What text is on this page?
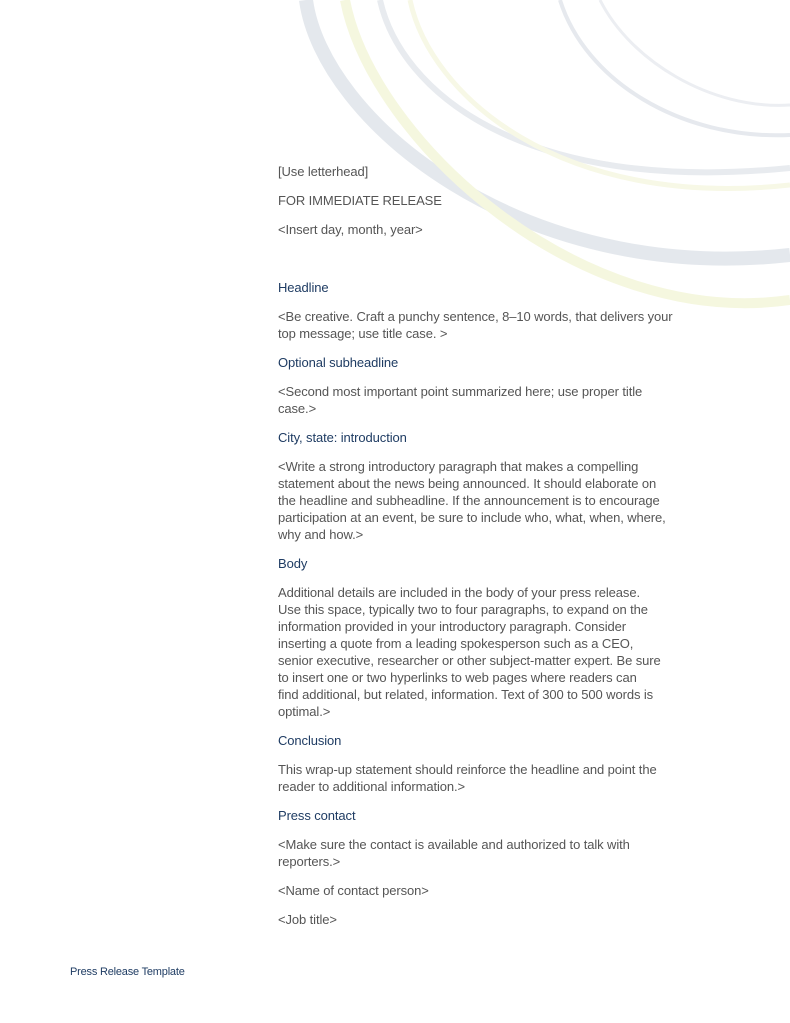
[Use letterhead]
FOR IMMEDIATE RELEASE
<Insert day, month, year>
Headline
<Be creative. Craft a punchy sentence, 8–10 words, that delivers your
top message; use title case. >
Optional subheadline
<Second most important point summarized here; use proper title
case.>
City, state: introduction
<Write a strong introductory paragraph that makes a compelling
statement about the news being announced. It should elaborate on
the headline and subheadline. If the announcement is to encourage
participation at an event, be sure to include who, what, when, where,
why and how.>
Body
Additional details are included in the body of your press release.
Use this space, typically two to four paragraphs, to expand on the
information provided in your introductory paragraph. Consider
inserting a quote from a leading spokesperson such as a CEO,
senior executive, researcher or other subject-matter expert. Be sure
to insert one or two hyperlinks to web pages where readers can
find additional, but related, information. Text of 300 to 500 words is
optimal.>
Conclusion
This wrap-up statement should reinforce the headline and point the
reader to additional information.>
Press contact
<Make sure the contact is available and authorized to talk with
reporters.>
<Name of contact person>
<Job title>
Press Release Template
